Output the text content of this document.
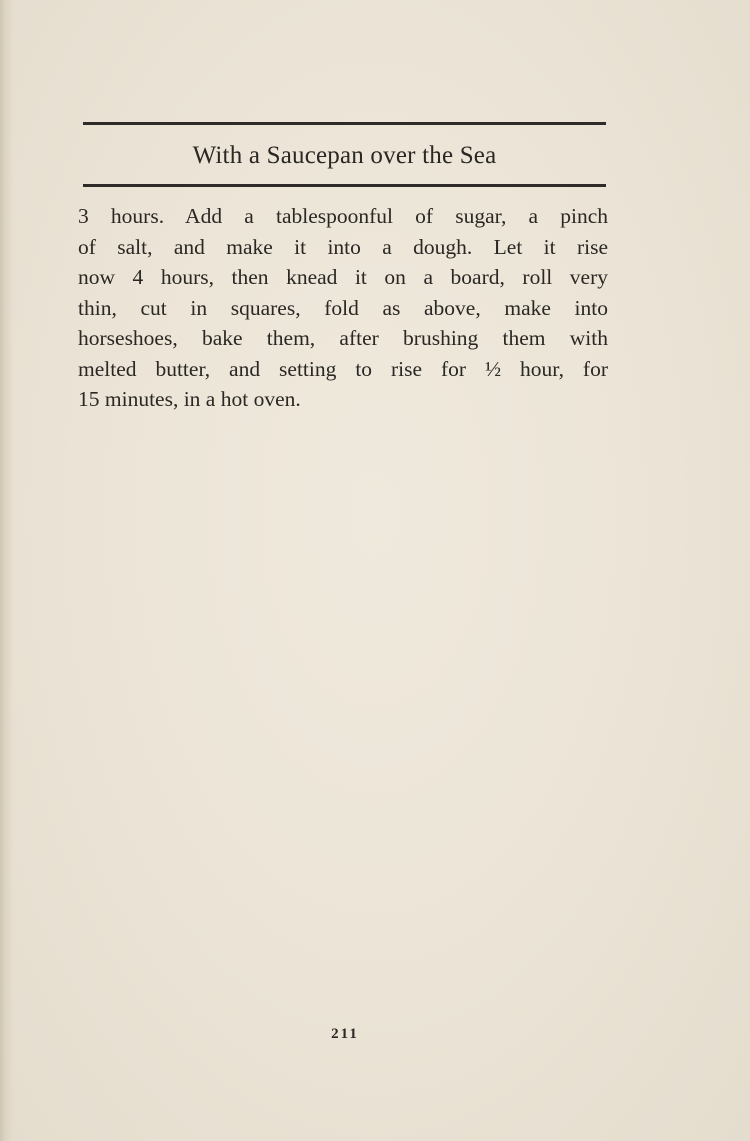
With a Saucepan over the Sea
3 hours. Add a tablespoonful of sugar, a pinch
of salt, and make it into a dough. Let it rise
now 4 hours, then knead it on a board, roll very
thin, cut in squares, fold as above, make into
horseshoes, bake them, after brushing them with
melted butter, and setting to rise for ½ hour, for
15 minutes, in a hot oven.
211
